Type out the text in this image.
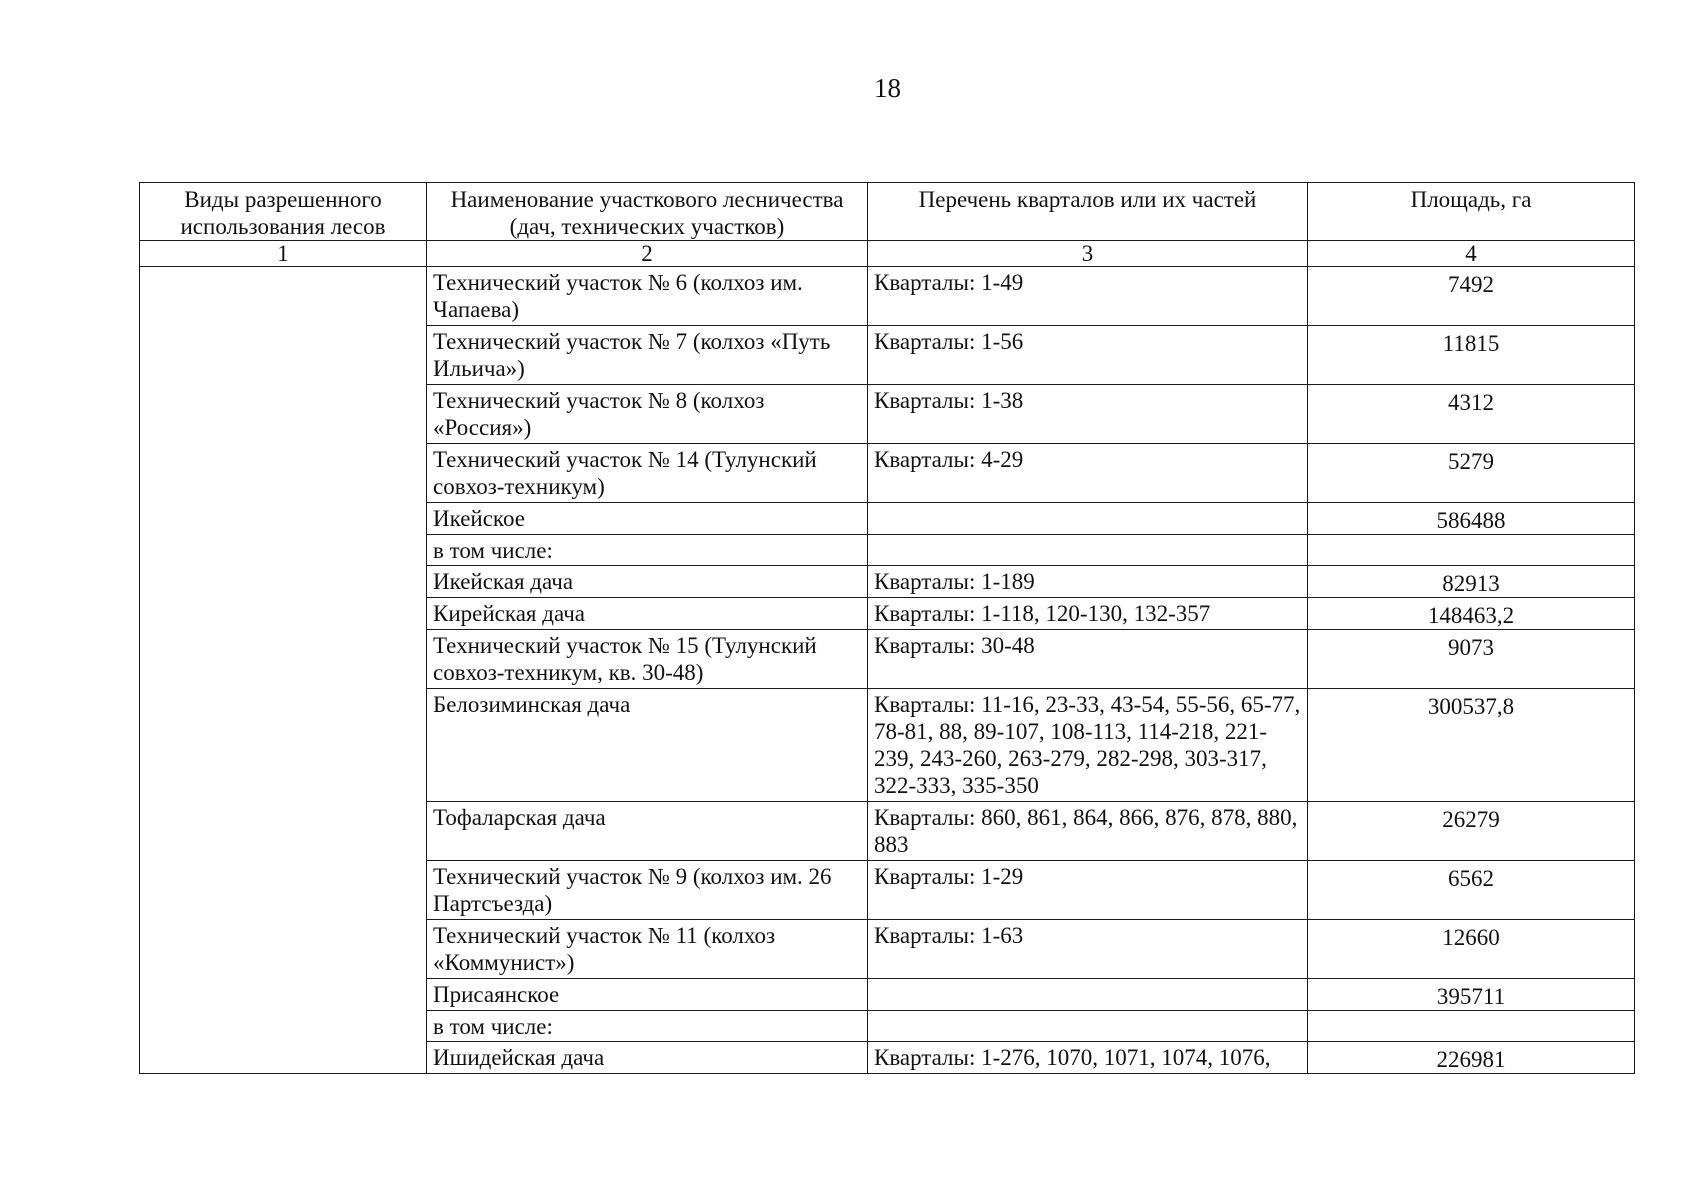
18
Виды разрешенного использования лесов	Наименование участкового лесничества (дач, технических участков)	Перечень кварталов или их частей	Площадь, га
1	2	3	4
	Технический участок № 6 (колхоз им. Чапаева)	Кварталы: 1-49	7492
	Технический участок № 7 (колхоз «Путь Ильича»)	Кварталы: 1-56	11815
	Технический участок № 8 (колхоз «Россия»)	Кварталы: 1-38	4312
	Технический участок № 14 (Тулунский совхоз-техникум)	Кварталы: 4-29	5279
	Икейское		586488
	в том числе:		
	Икейская дача	Кварталы: 1-189	82913
	Кирейская дача	Кварталы: 1-118, 120-130, 132-357	148463,2
	Технический участок № 15 (Тулунский совхоз-техникум, кв. 30-48)	Кварталы: 30-48	9073
	Белозиминская дача	Кварталы: 11-16, 23-33, 43-54, 55-56, 65-77, 78-81, 88, 89-107, 108-113, 114-218, 221-239, 243-260, 263-279, 282-298, 303-317, 322-333, 335-350	300537,8
	Тофаларская дача	Кварталы: 860, 861, 864, 866, 876, 878, 880, 883	26279
	Технический участок № 9 (колхоз им. 26 Партсъезда)	Кварталы: 1-29	6562
	Технический участок № 11 (колхоз «Коммунист»)	Кварталы: 1-63	12660
	Присаянское		395711
	в том числе:		
	Ишидейская дача	Кварталы: 1-276, 1070, 1071, 1074, 1076,	226981
